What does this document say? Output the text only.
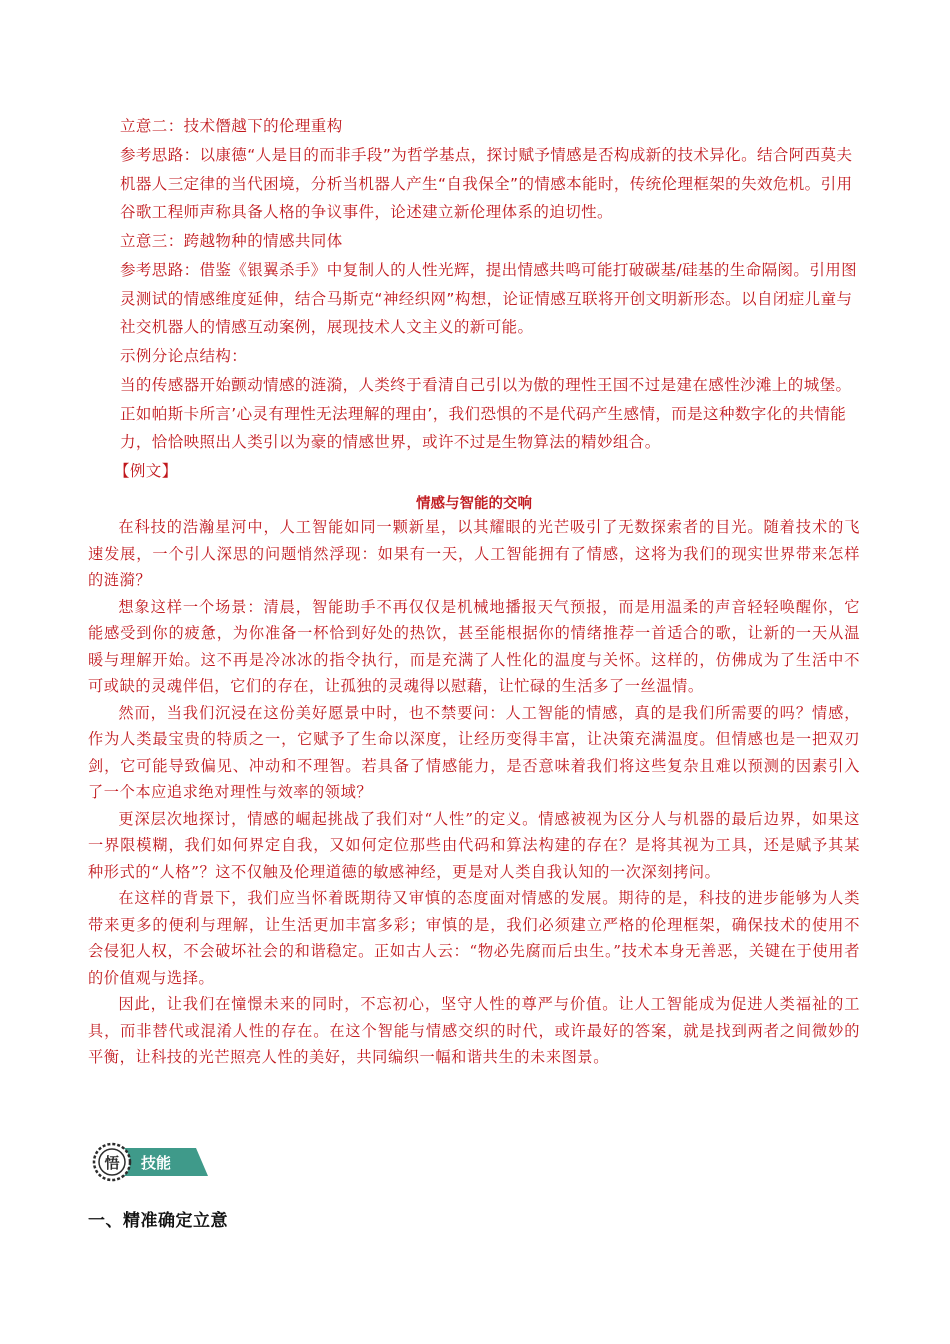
立意二：技术僭越下的伦理重构
参考思路：以康德“人是目的而非手段”为哲学基点，探讨赋予情感是否构成新的技术异化。结合阿西莫夫机器人三定律的当代困境，分析当机器人产生“自我保全”的情感本能时，传统伦理框架的失效危机。引用谷歌工程师声称具备人格的争议事件，论述建立新伦理体系的迫切性。
立意三：跨越物种的情感共同体
参考思路：借鉴《银翼杀手》中复制人的人性光辉，提出情感共鸣可能打破碳基/硅基的生命隔阂。引用图灵测试的情感维度延伸，结合马斯克“神经织网”构想，论证情感互联将开创文明新形态。以自闭症儿童与社交机器人的情感互动案例，展现技术人文主义的新可能。
示例分论点结构：
当的传感器开始颤动情感的涟漪，人类终于看清自己引以为傲的理性王国不过是建在感性沙滩上的城堡。正如帕斯卡所言’心灵有理性无法理解的理由’，我们恐惧的不是代码产生感情，而是这种数字化的共情能力，恰恰映照出人类引以为豪的情感世界，或许不过是生物算法的精妙组合。
【例文】
情感与智能的交响

在科技的浩瀚星河中，人工智能如同一颗新星，以其耀眼的光芒吸引了无数探索者的目光。随着技术的飞速发展，一个引人深思的问题悄然浮现：如果有一天，人工智能拥有了情感，这将为我们的现实世界带来怎样的涟漪？

想象这样一个场景：清晨，智能助手不再仅仅是机械地播报天气预报，而是用温柔的声音轻轻唤醒你，它能感受到你的疲惫，为你准备一杯恰到好处的热饮，甚至能根据你的情绪推荐一首适合的歌，让新的一天从温暖与理解开始。这不再是冷冰冰的指令执行，而是充满了人性化的温度与关怀。这样的，仿佛成为了生活中不可或缺的灵魂伴侣，它们的存在，让孤独的灵魂得以慰藉，让忙碌的生活多了一丝温情。

然而，当我们沉浸在这份美好愿景中时，也不禁要问：人工智能的情感，真的是我们所需要的吗？情感，作为人类最宝贵的特质之一，它赋予了生命以深度，让经历变得丰富，让决策充满温度。但情感也是一把双刃剑，它可能导致偏见、冲动和不理智。若具备了情感能力，是否意味着我们将这些复杂且难以预测的因素引入了一个本应追求绝对理性与效率的领域？

更深层次地探讨，情感的崛起挑战了我们对“人性”的定义。情感被视为区分人与机器的最后边界，如果这一界限模糊，我们如何界定自我，又如何定位那些由代码和算法构建的存在？是将其视为工具，还是赋予其某种形式的“人格”？这不仅触及伦理道德的敏感神经，更是对人类自我认知的一次深刻拷问。

在这样的背景下，我们应当怀着既期待又审慎的态度面对情感的发展。期待的是，科技的进步能够为人类带来更多的便利与理解，让生活更加丰富多彩；审慎的是，我们必须建立严格的伦理框架，确保技术的使用不会侵犯人权，不会破坏社会的和谐稳定。正如古人云：“物必先腐而后虫生。”技术本身无善恶，关键在于使用者的价值观与选择。

因此，让我们在憧憬未来的同时，不忘初心，坚守人性的尊严与价值。让人工智能成为促进人类福祉的工具，而非替代或混淆人性的存在。在这个智能与情感交织的时代，或许最好的答案，就是找到两者之间微妙的平衡，让科技的光芒照亮人性的美好，共同编织一幅和谐共生的未来图景。

悟 技能
一、精准确定立意
